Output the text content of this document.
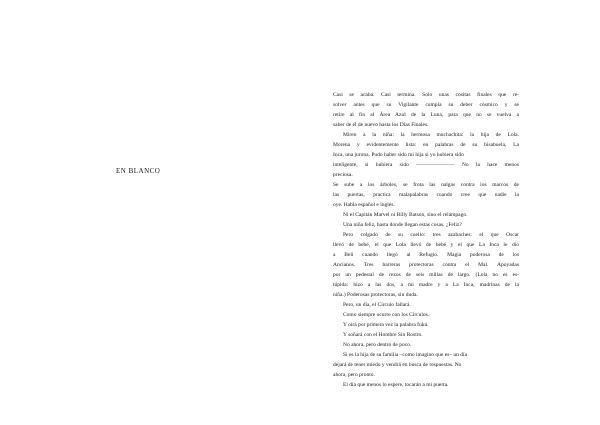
EN BLANCO
Casi se acaba. Casi termina. Solo unas cositas finales que re-
solver antes que su Vigilante cumpla su deber cósmico y se
retire al fin al Área Azul de la Luna, para que no se vuelva a
saber de él de nuevo hasta los Días Finales.
Miren a la niña: la hermosa muchachita: la hija de Lola.
Morena y evidentemente lista: en palabras de su bisabuela, La
Inca, una jurona. Pudo haber sido mi hija si yo hubiera sido
inteligente, si hubiera sido ——————— No la hace menos
preciosa.
Se sube a los árboles, se frota las nalgas contra los marcos de
las puertas, practica malapalabras cuando cree que nadie la
oye. Habla español e inglés.
Ni el Capitán Marvel ni Billy Batson, sino el relámpago.
Una niña feliz, hasta donde llegan estas cosas. ¿Feliz?
Pero colgado de su cuello: tres azabaches: el que Oscar
llevó de bebé, el que Lola llevó de bebé y el que La Inca le dio
a Beli cuando llegó al Refugio. Magia poderosa de los
Ancianos. Tres barreras protectoras contra el Mal. Apoyadas
por un pedestal de rezos de seis millas de largo. (Lola no es es-
túpida: hizo a las dos, a mi madre y a La Inca, madrinas de la
niña.) Poderosas protectoras, sin duda.
Pero, un día, el Círculo fallará.
Como siempre ocurre con los Círculos.
Y oirá por primera vez la palabra fukú.
Y soñará con el Hombre Sin Rostro.
No ahora, pero dentro de poco.
Si es la hija de su familia –como imagino que es– un día
dejará de tener miedo y vendrá en busca de respuestas. No
ahora, pero pronto.
El día que menos lo espere, tocarán a mi puerta.
